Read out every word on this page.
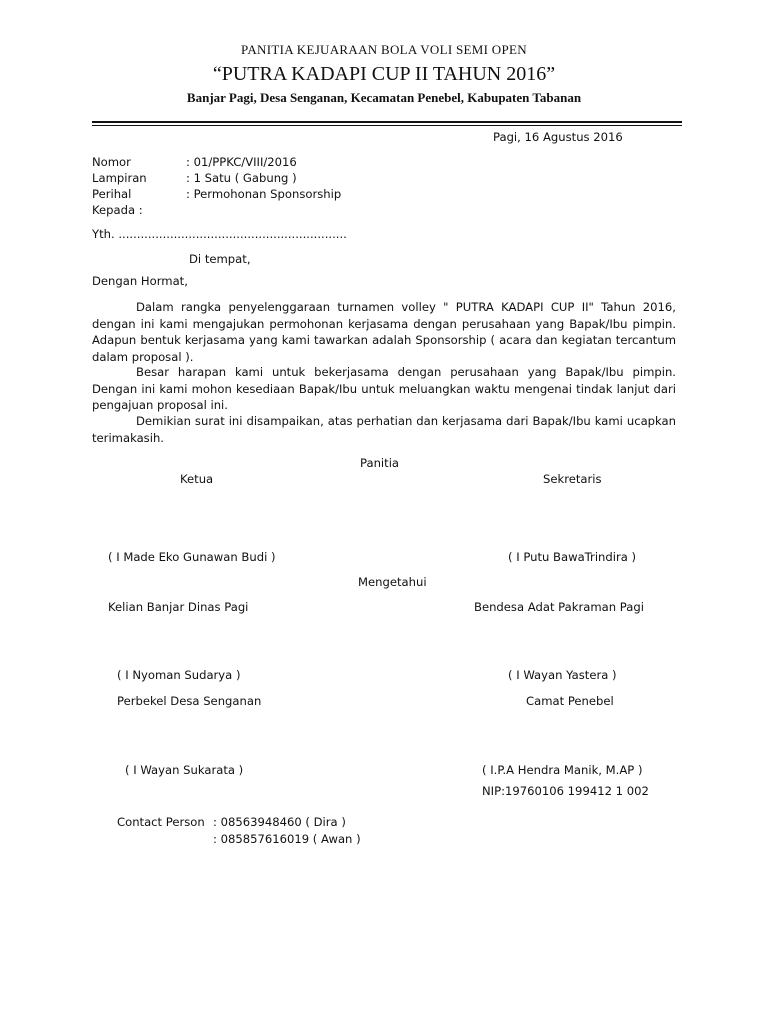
PANITIA KEJUARAAN BOLA VOLI SEMI OPEN
“PUTRA KADAPI CUP II TAHUN 2016”
Banjar Pagi, Desa Senganan, Kecamatan Penebel, Kabupaten Tabanan
Pagi, 16 Agustus 2016
Nomor	: 01/PPKC/VIII/2016
Lampiran	: 1 Satu ( Gabung )
Perihal	: Permohonan Sponsorship
Kepada :
Yth. ..............................................................
Di tempat,
Dengan Hormat,
Dalam rangka penyelenggaraan turnamen volley " PUTRA KADAPI CUP II" Tahun 2016, dengan ini kami mengajukan permohonan kerjasama dengan perusahaan yang Bapak/Ibu pimpin. Adapun bentuk kerjasama yang kami tawarkan adalah Sponsorship ( acara dan kegiatan tercantum dalam proposal ).
Besar harapan kami untuk bekerjasama dengan perusahaan yang Bapak/Ibu pimpin. Dengan ini kami mohon kesediaan Bapak/Ibu untuk meluangkan waktu mengenai tindak lanjut dari pengajuan proposal ini.
Demikian surat ini disampaikan, atas perhatian dan kerjasama dari Bapak/Ibu kami ucapkan terimakasih.
Panitia
Ketua	Sekretaris
( I Made Eko Gunawan Budi )	( I Putu BawaTrindira )
Mengetahui
Kelian Banjar Dinas Pagi	Bendesa Adat Pakraman Pagi
( I Nyoman Sudarya )	( I Wayan Yastera )
Perbekel Desa Senganan	Camat Penebel
( I Wayan Sukarata )	( I.P.A Hendra Manik, M.AP )
NIP:19760106 199412 1 002
Contact Person : 08563948460 ( Dira )
: 085857616019 ( Awan )
